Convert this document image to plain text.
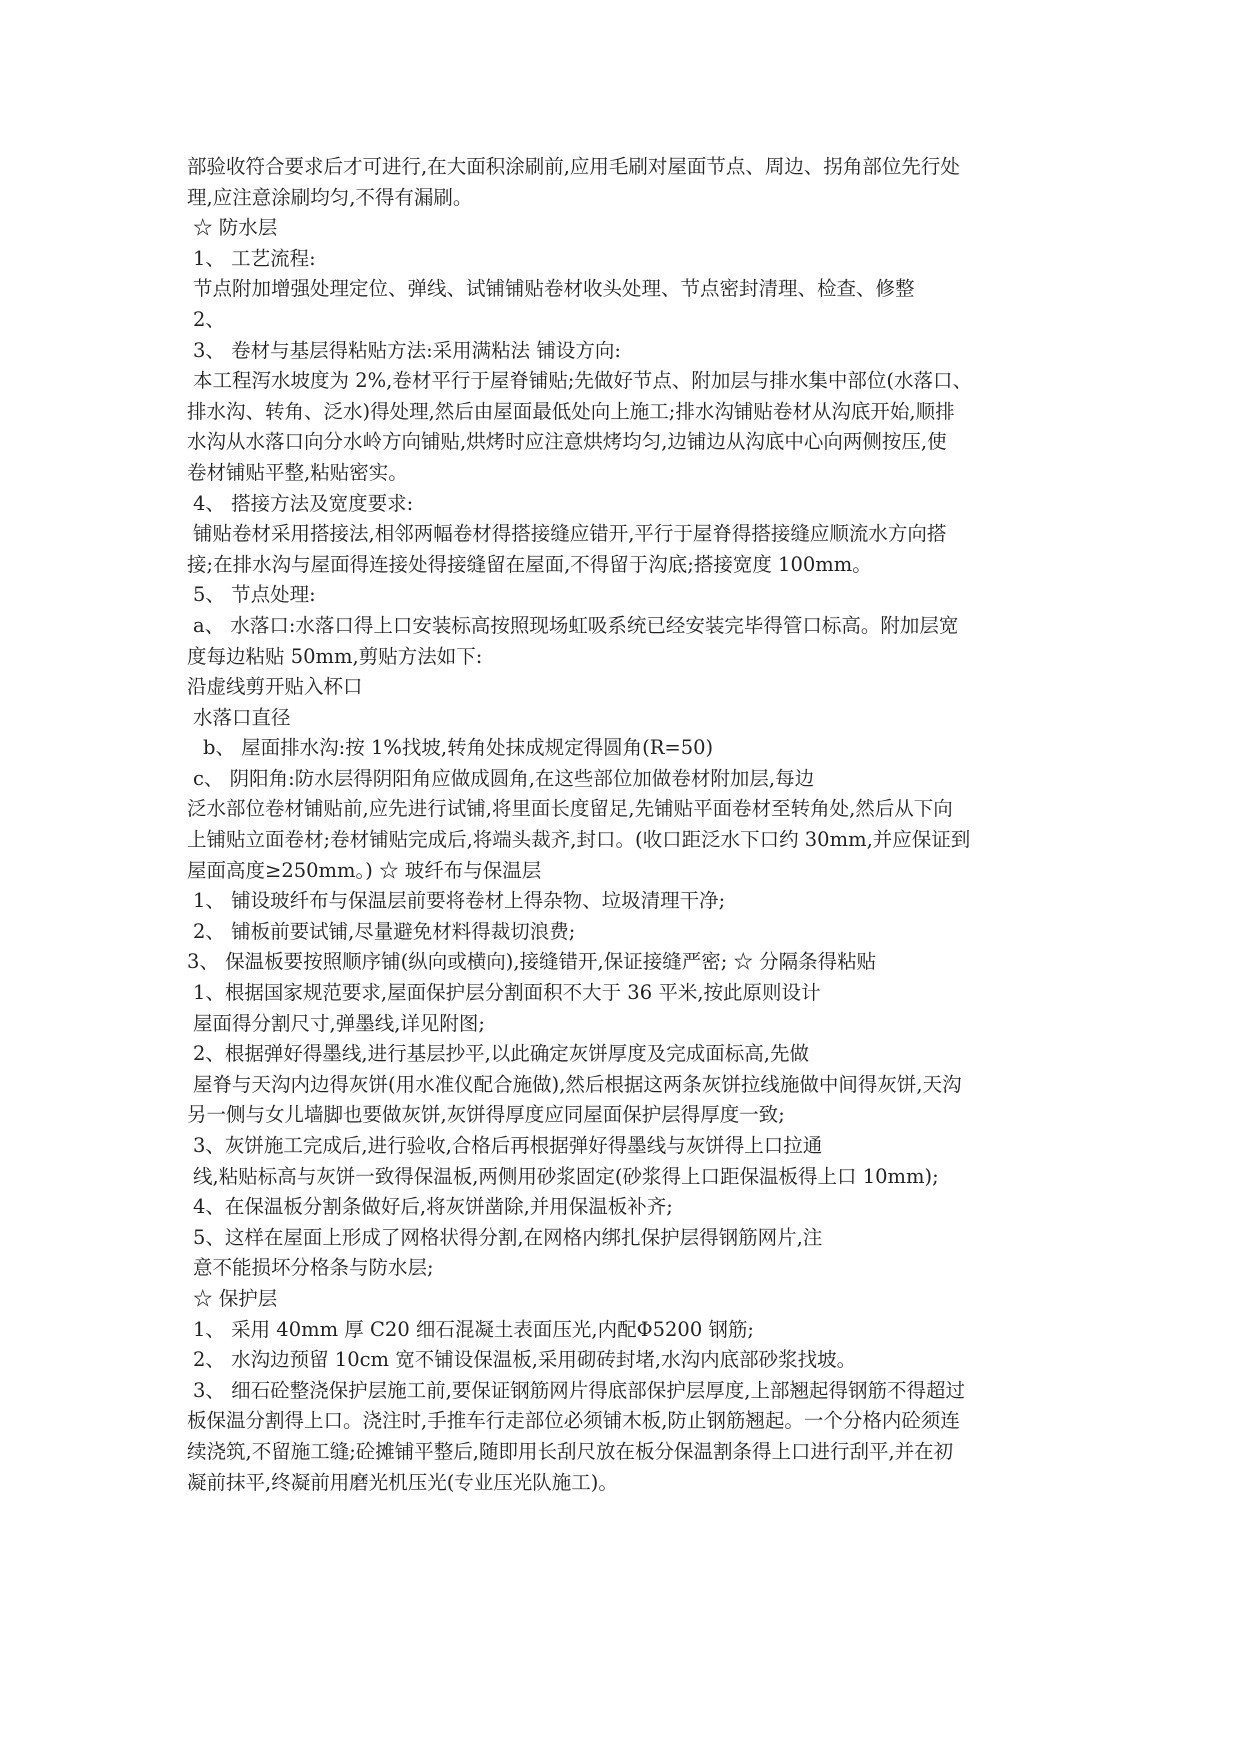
部验收符合要求后才可进行,在大面积涂刷前,应用毛刷对屋面节点、周边、拐角部位先行处
理,应注意涂刷均匀,不得有漏刷。
☆ 防水层
1、 工艺流程:
节点附加增强处理定位、弹线、试铺铺贴卷材收头处理、节点密封清理、检查、修整
2、
3、 卷材与基层得粘贴方法:采用满粘法 铺设方向:
本工程泻水坡度为 2%,卷材平行于屋脊铺贴;先做好节点、附加层与排水集中部位(水落口、
排水沟、转角、泛水)得处理,然后由屋面最低处向上施工;排水沟铺贴卷材从沟底开始,顺排
水沟从水落口向分水岭方向铺贴,烘烤时应注意烘烤均匀,边铺边从沟底中心向两侧按压,使
卷材铺贴平整,粘贴密实。
4、 搭接方法及宽度要求:
铺贴卷材采用搭接法,相邻两幅卷材得搭接缝应错开,平行于屋脊得搭接缝应顺流水方向搭
接;在排水沟与屋面得连接处得接缝留在屋面,不得留于沟底;搭接宽度 100mm。
5、 节点处理:
a、 水落口:水落口得上口安装标高按照现场虹吸系统已经安装完毕得管口标高。附加层宽
度每边粘贴 50mm,剪贴方法如下:
沿虚线剪开贴入杯口
水落口直径
b、 屋面排水沟:按 1%找坡,转角处抹成规定得圆角(R=50)
c、 阴阳角:防水层得阴阳角应做成圆角,在这些部位加做卷材附加层,每边
泛水部位卷材铺贴前,应先进行试铺,将里面长度留足,先铺贴平面卷材至转角处,然后从下向
上铺贴立面卷材;卷材铺贴完成后,将端头裁齐,封口。(收口距泛水下口约 30mm,并应保证到
屋面高度≥250mm。) ☆ 玻纤布与保温层
1、 铺设玻纤布与保温层前要将卷材上得杂物、垃圾清理干净;
2、 铺板前要试铺,尽量避免材料得裁切浪费;
3、 保温板要按照顺序铺(纵向或横向),接缝错开,保证接缝严密; ☆ 分隔条得粘贴
1、根据国家规范要求,屋面保护层分割面积不大于 36 平米,按此原则设计
屋面得分割尺寸,弹墨线,详见附图;
2、根据弹好得墨线,进行基层抄平,以此确定灰饼厚度及完成面标高,先做
屋脊与天沟内边得灰饼(用水准仪配合施做),然后根据这两条灰饼拉线施做中间得灰饼,天沟
另一侧与女儿墙脚也要做灰饼,灰饼得厚度应同屋面保护层得厚度一致;
3、灰饼施工完成后,进行验收,合格后再根据弹好得墨线与灰饼得上口拉通
线,粘贴标高与灰饼一致得保温板,两侧用砂浆固定(砂浆得上口距保温板得上口 10mm);
4、在保温板分割条做好后,将灰饼凿除,并用保温板补齐;
5、这样在屋面上形成了网格状得分割,在网格内绑扎保护层得钢筋网片,注
意不能损坏分格条与防水层;
☆ 保护层
1、 采用 40mm 厚 C20 细石混凝土表面压光,内配Φ5200 钢筋;
2、 水沟边预留 10cm 宽不铺设保温板,采用砌砖封堵,水沟内底部砂浆找坡。
3、 细石砼整浇保护层施工前,要保证钢筋网片得底部保护层厚度,上部翘起得钢筋不得超过
板保温分割得上口。浇注时,手推车行走部位必须铺木板,防止钢筋翘起。一个分格内砼须连
续浇筑,不留施工缝;砼摊铺平整后,随即用长刮尺放在板分保温割条得上口进行刮平,并在初
凝前抹平,终凝前用磨光机压光(专业压光队施工)。
